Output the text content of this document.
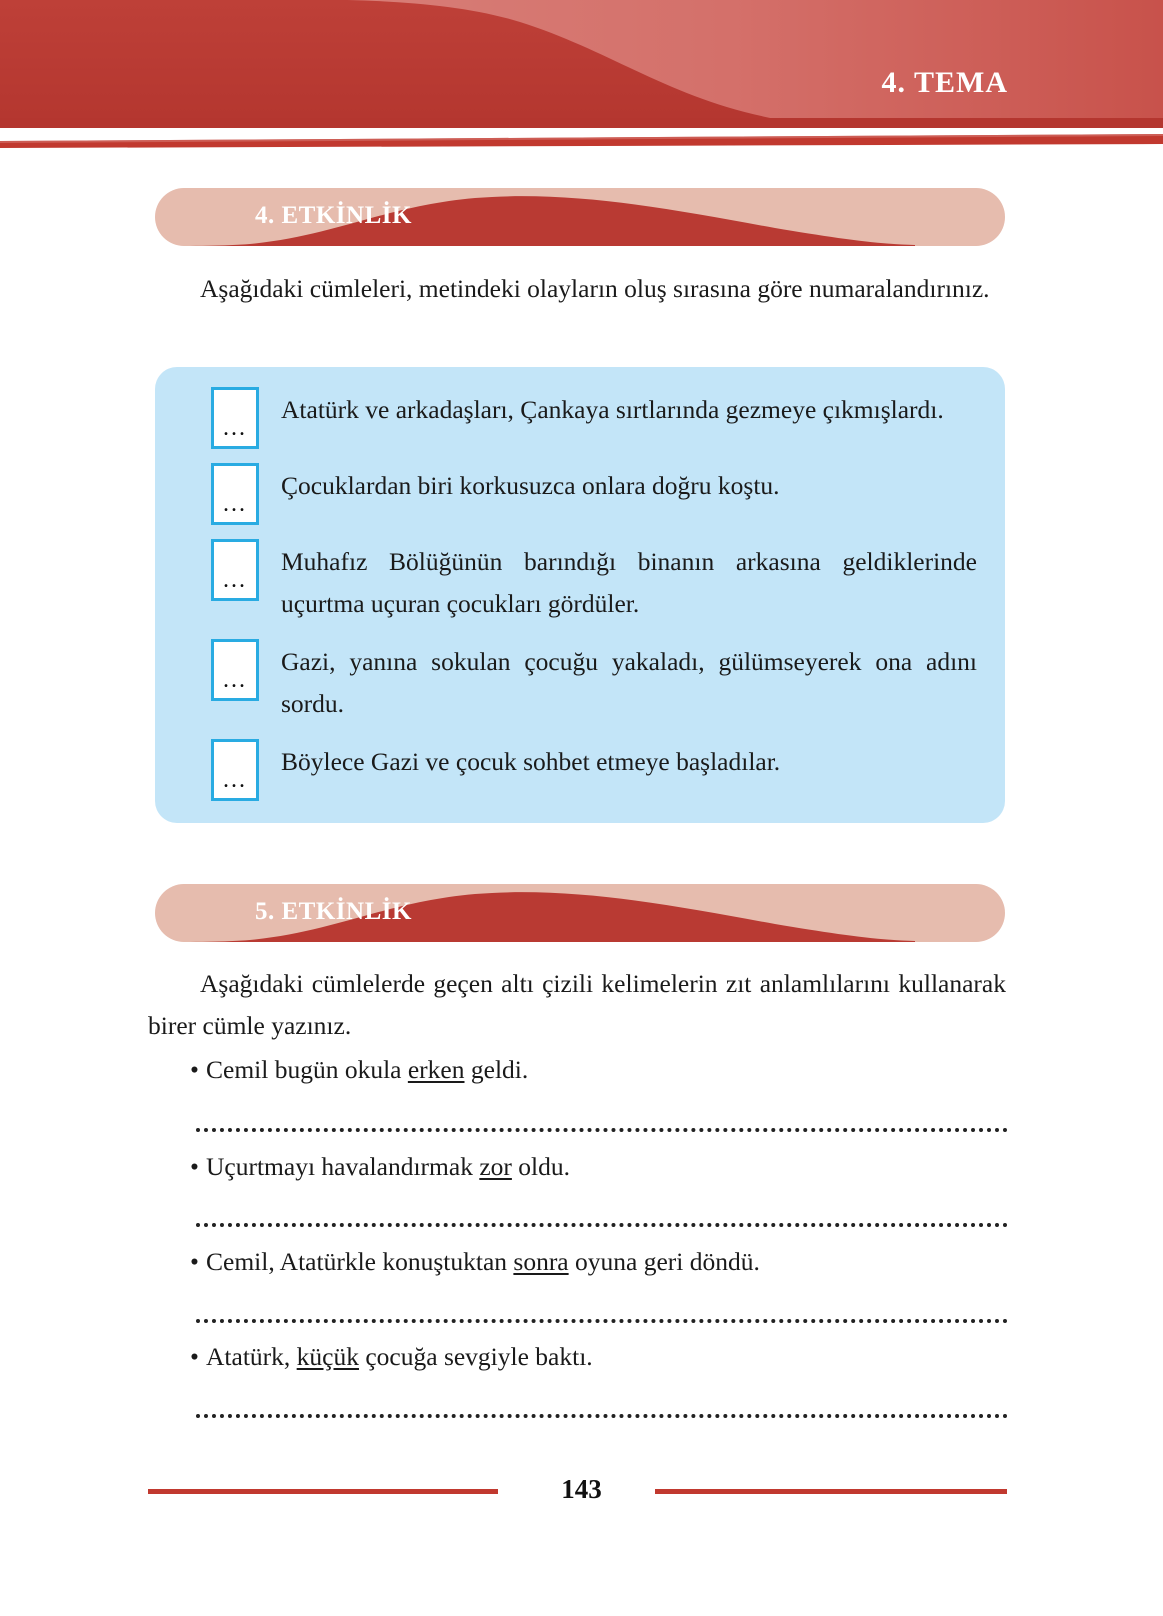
4. TEMA
4. ETKİNLİK
Aşağıdaki cümleleri, metindeki olayların oluş sırasına göre numaralandırınız.
...
Atatürk ve arkadaşları, Çankaya sırtlarında gezmeye çıkmışlardı.
...
Çocuklardan biri korkusuzca onlara doğru koştu.
...
Muhafız Bölüğünün barındığı binanın arkasına geldiklerinde uçurtma uçuran çocukları gördüler.
...
Gazi, yanına sokulan çocuğu yakaladı, gülümseyerek ona adını sordu.
...
Böylece Gazi ve çocuk sohbet etmeye başladılar.
5. ETKİNLİK
Aşağıdaki cümlelerde geçen altı çizili kelimelerin zıt anlamlılarını kullanarak birer cümle yazınız.
• Cemil bugün okula erken geldi.
• Uçurtmayı havalandırmak zor oldu.
• Cemil, Atatürkle konuştuktan sonra oyuna geri döndü.
• Atatürk, küçük çocuğa sevgiyle baktı.
143
